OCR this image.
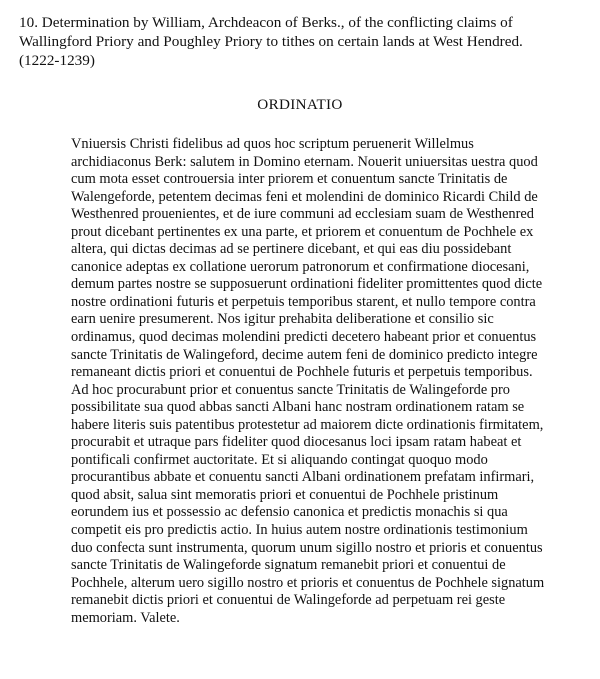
10. Determination by William, Archdeacon of Berks., of the conflicting claims of
Wallingford Priory and Poughley Priory to tithes on certain lands at West Hendred.
(1222-1239)
ORDINATIO
Vniuersis Christi fidelibus ad quos hoc scriptum peruenerit Willelmus
archidiaconus Berk: salutem in Domino eternam. Nouerit uniuersitas uestra quod
cum mota esset controuersia inter priorem et conuentum sancte Trinitatis de
Walengeforde, petentem decimas feni et molendini de dominico Ricardi Child de
Westhenred prouenientes, et de iure communi ad ecclesiam suam de Westhenred
prout dicebant pertinentes ex una parte, et priorem et conuentum de Pochhele ex
altera, qui dictas decimas ad se pertinere dicebant, et qui eas diu possidebant
canonice adeptas ex collatione uerorum patronorum et confirmatione diocesani,
demum partes nostre se supposuerunt ordinationi fideliter promittentes quod dicte
nostre ordinationi futuris et perpetuis temporibus starent, et nullo tempore contra
earn uenire presumerent. Nos igitur prehabita deliberatione et consilio sic
ordinamus, quod decimas molendini predicti decetero habeant prior et conuentus
sancte Trinitatis de Walingeford, decime autem feni de dominico predicto integre
remaneant dictis priori et conuentui de Pochhele futuris et perpetuis temporibus.
Ad hoc procurabunt prior et conuentus sancte Trinitatis de Walingeforde pro
possibilitate sua quod abbas sancti Albani hanc nostram ordinationem ratam se
habere literis suis patentibus protestetur ad maiorem dicte ordinationis firmitatem,
procurabit et utraque pars fideliter quod diocesanus loci ipsam ratam habeat et
pontificali confirmet auctoritate. Et si aliquando contingat quoquo modo
procurantibus abbate et conuentu sancti Albani ordinationem prefatam infirmari,
quod absit, salua sint memoratis priori et conuentui de Pochhele pristinum
eorundem ius et possessio ac defensio canonica et predictis monachis si qua
competit eis pro predictis actio. In huius autem nostre ordinationis testimonium
duo confecta sunt instrumenta, quorum unum sigillo nostro et prioris et conuentus
sancte Trinitatis de Walingeforde signatum remanebit priori et conuentui de
Pochhele, alterum uero sigillo nostro et prioris et conuentus de Pochhele signatum
remanebit dictis priori et conuentui de Walingeforde ad perpetuam rei geste
memoriam. Valete.
